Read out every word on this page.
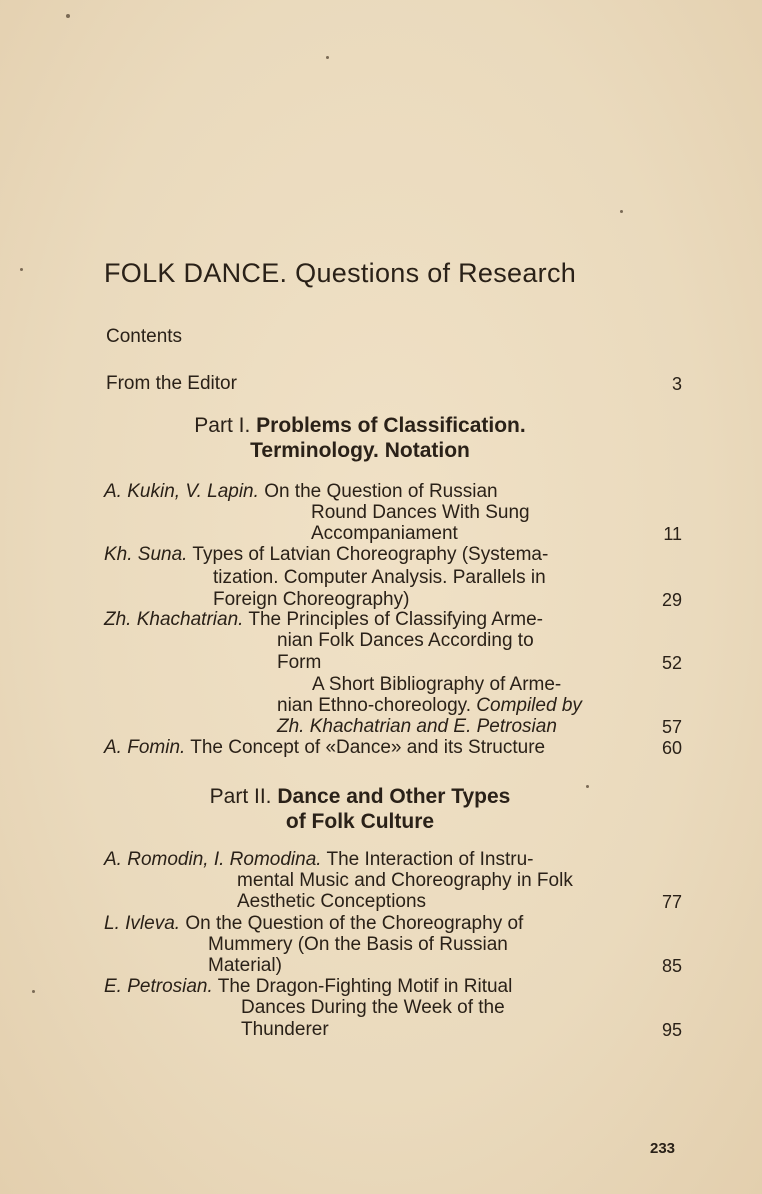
FOLK DANCE. Questions of Research
Contents
From the Editor	3
Part I. Problems of Classification.
Terminology. Notation
A. Kukin, V. Lapin. On the Question of Russian
Round Dances With Sung
Accompaniament	11
Kh. Suna. Types of Latvian Choreography (Systema-
tization. Computer Analysis. Parallels in
Foreign Choreography)	29
Zh. Khachatrian. The Principles of Classifying Arme-
nian Folk Dances According to
Form	52
A Short Bibliography of Arme-
nian Ethno-choreology. Compiled by
Zh. Khachatrian and E. Petrosian	57
A. Fomin. The Concept of «Dance» and its Structure	60
Part II. Dance and Other Types
of Folk Culture
A. Romodin, I. Romodina. The Interaction of Instru-
mental Music and Choreography in Folk
Aesthetic Conceptions	77
L. Ivleva. On the Question of the Choreography of
Mummery (On the Basis of Russian
Material)	85
E. Petrosian. The Dragon-Fighting Motif in Ritual
Dances During the Week of the
Thunderer	95
233
